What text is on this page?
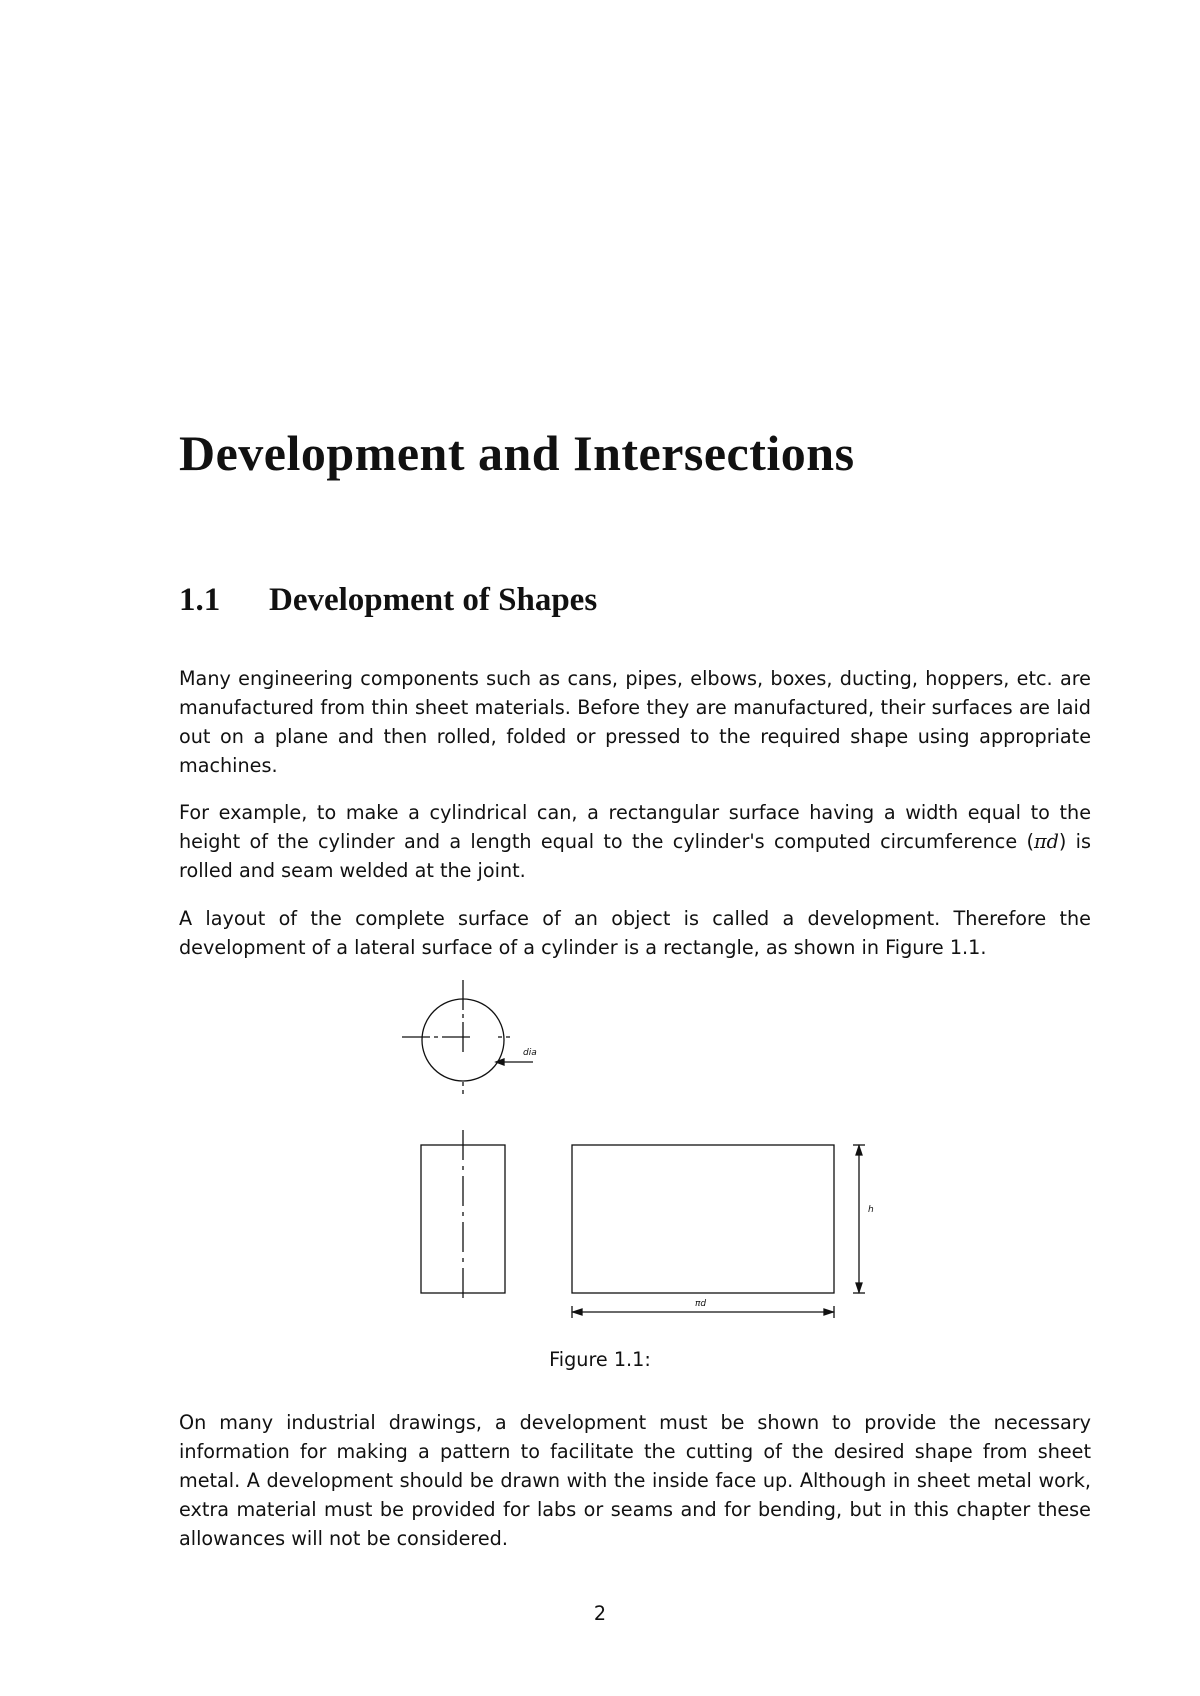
Development and Intersections
1.1 Development of Shapes

Many engineering components such as cans, pipes, elbows, boxes, ducting, hoppers, etc. are manufactured from thin sheet materials. Before they are manufactured, their surfaces are laid out on a plane and then rolled, folded or pressed to the required shape using appropriate machines.

For example, to make a cylindrical can, a rectangular surface having a width equal to the height of the cylinder and a length equal to the cylinder's computed circumference (πd) is rolled and seam welded at the joint.

A layout of the complete surface of an object is called a development. Therefore the development of a lateral surface of a cylinder is a rectangle, as shown in Figure 1.1.

dia
h
πd
Figure 1.1:

On many industrial drawings, a development must be shown to provide the necessary information for making a pattern to facilitate the cutting of the desired shape from sheet metal. A development should be drawn with the inside face up. Although in sheet metal work, extra material must be provided for labs or seams and for bending, but in this chapter these allowances will not be considered.

2
